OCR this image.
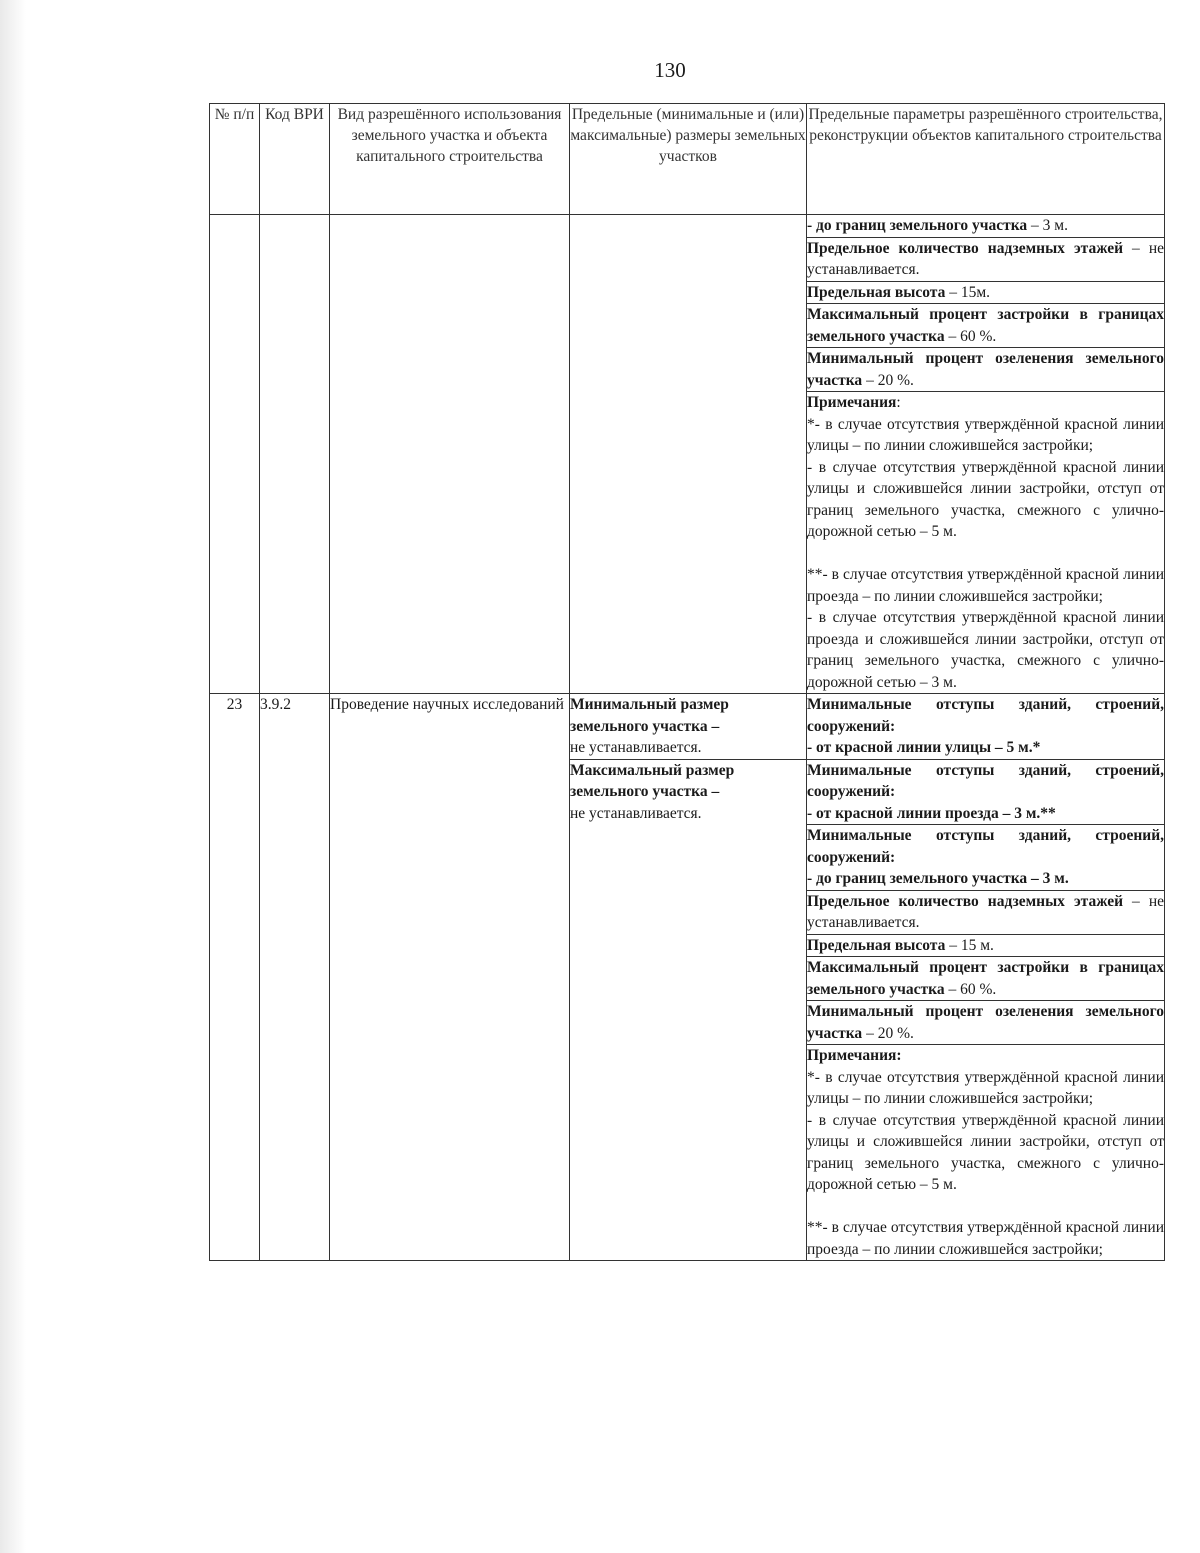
130
№ п/п	Код ВРИ	Вид разрешённого использования земельного участка и объекта капитального строительства	Предельные (минимальные и (или) максимальные) размеры земельных участков	Предельные параметры разрешённого строительства, реконструкции объектов капитального строительства
				- до границ земельного участка – 3 м.
				Предельное количество надземных этажей – не устанавливается.
				Предельная высота – 15м.
				Максимальный процент застройки в границах земельного участка – 60 %.
				Минимальный процент озеленения земельного участка – 20 %.
				Примечания:
*- в случае отсутствия утверждённой красной линии улицы – по линии сложившейся застройки;
- в случае отсутствия утверждённой красной линии улицы и сложившейся линии застройки, отступ от границ земельного участка, смежного с улично-дорожной сетью – 5 м.
**- в случае отсутствия утверждённой красной линии проезда – по линии сложившейся застройки;
- в случае отсутствия утверждённой красной линии проезда и сложившейся линии застройки, отступ от границ земельного участка, смежного с улично-дорожной сетью – 3 м.

23	3.9.2	Проведение научных исследований	Минимальный размер земельного участка –
не устанавливается.	Минимальные отступы зданий, строений, сооружений:
- от красной линии улицы – 5 м.*
			Максимальный размер земельного участка –
не устанавливается.	Минимальные отступы зданий, строений, сооружений:
- от красной линии проезда – 3 м.**

				Минимальные отступы зданий, строений, сооружений:
- до границ земельного участка – 3 м.
				Предельное количество надземных этажей – не устанавливается.
				Предельная высота – 15 м.
				Максимальный процент застройки в границах земельного участка – 60 %.
				Минимальный процент озеленения земельного участка – 20 %.
				Примечания:
*- в случае отсутствия утверждённой красной линии улицы – по линии сложившейся застройки;
- в случае отсутствия утверждённой красной линии улицы и сложившейся линии застройки, отступ от границ земельного участка, смежного с улично-дорожной сетью – 5 м.
**- в случае отсутствия утверждённой красной линии проезда – по линии сложившейся застройки;
